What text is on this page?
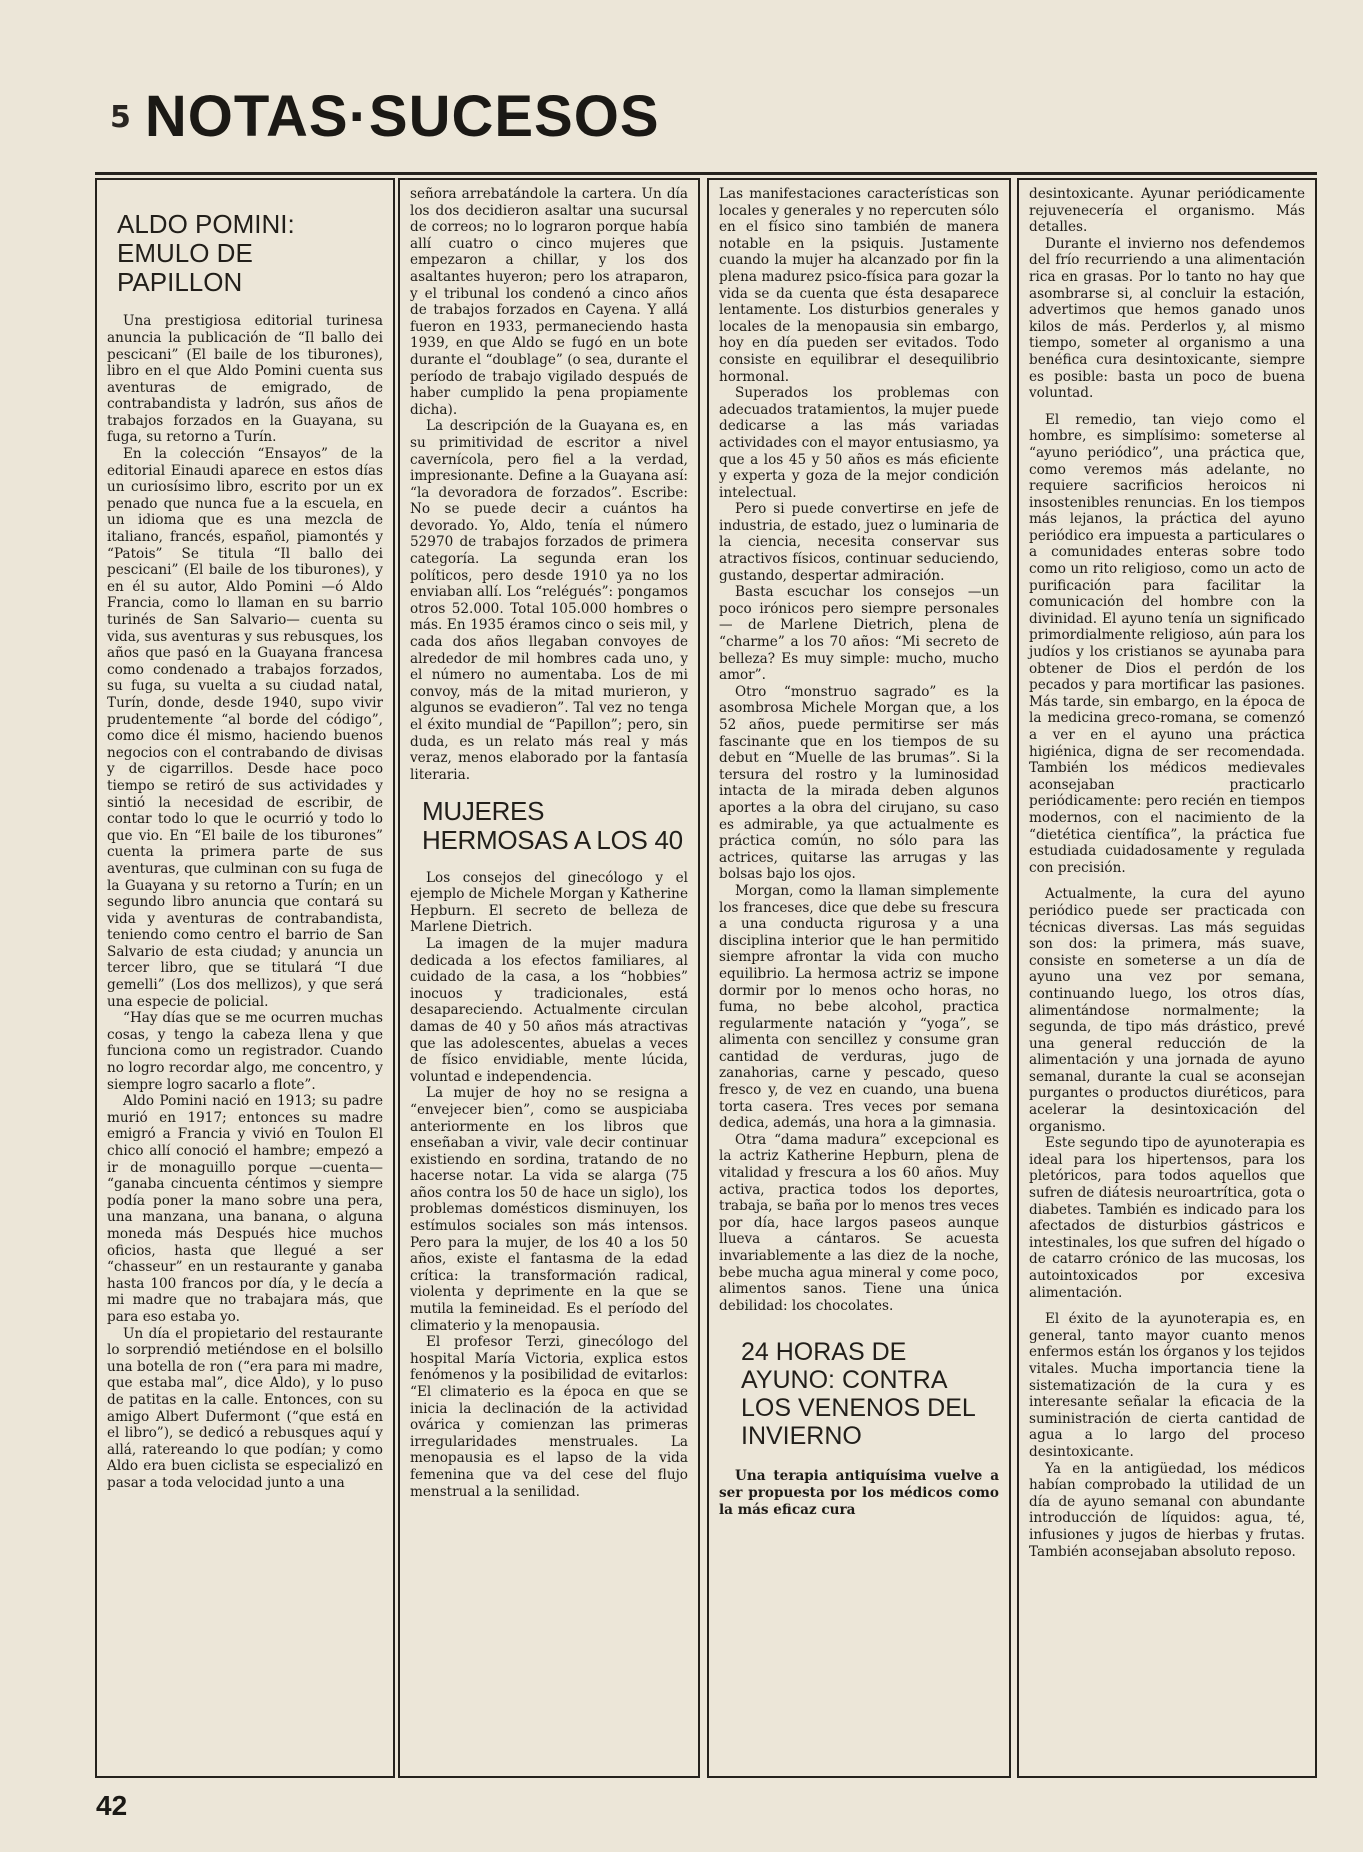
5 NOTAS·SUCESOS
ALDO POMINI: EMULO DE PAPILLON

Una prestigiosa editorial turinesa anuncia la publicación de “Il ballo dei pescicani” (El baile de los tiburones), libro en el que Aldo Pomini cuenta sus aventuras de emigrado, de contrabandista y ladrón, sus años de trabajos forzados en la Guayana, su fuga, su retorno a Turín.

En la colección “Ensayos” de la editorial Einaudi aparece en estos días un curiosísimo libro, escrito por un ex penado que nunca fue a la escuela, en un idioma que es una mezcla de italiano, francés, español, piamontés y “Patois” Se titula “Il ballo dei pescicani” (El baile de los tiburones), y en él su autor, Aldo Pomini —ó Aldo Francia, como lo llaman en su barrio turinés de San Salvario— cuenta su vida, sus aventuras y sus rebusques, los años que pasó en la Guayana francesa como condenado a trabajos forzados, su fuga, su vuelta a su ciudad natal, Turín, donde, desde 1940, supo vivir prudentemente “al borde del código”, como dice él mismo, haciendo buenos negocios con el contrabando de divisas y de cigarrillos. Desde hace poco tiempo se retiró de sus actividades y sintió la necesidad de escribir, de contar todo lo que le ocurrió y todo lo que vio. En “El baile de los tiburones” cuenta la primera parte de sus aventuras, que culminan con su fuga de la Guayana y su retorno a Turín; en un segundo libro anuncia que contará su vida y aventuras de contrabandista, teniendo como centro el barrio de San Salvario de esta ciudad; y anuncia un tercer libro, que se titulará “I due gemelli” (Los dos mellizos), y que será una especie de policial.

“Hay días que se me ocurren muchas cosas, y tengo la cabeza llena y que funciona como un registrador. Cuando no logro recordar algo, me concentro, y siempre logro sacarlo a flote”.

Aldo Pomini nació en 1913; su padre murió en 1917; entonces su madre emigró a Francia y vivió en Toulon El chico allí conoció el hambre; empezó a ir de monaguillo porque —cuenta— “ganaba cincuenta céntimos y siempre podía poner la mano sobre una pera, una manzana, una banana, o alguna moneda más Después hice muchos oficios, hasta que llegué a ser “chasseur” en un restaurante y ganaba hasta 100 francos por día, y le decía a mi madre que no trabajara más, que para eso estaba yo.

Un día el propietario del restaurante lo sorprendió metiéndose en el bolsillo una botella de ron (“era para mi madre, que estaba mal”, dice Aldo), y lo puso de patitas en la calle. Entonces, con su amigo Albert Dufermont (“que está en el libro”), se dedicó a rebusques aquí y allá, ratereando lo que podían; y como Aldo era buen ciclista se especializó en pasar a toda velocidad junto a una

señora arrebatándole la cartera. Un día los dos decidieron asaltar una sucursal de correos; no lo lograron porque había allí cuatro o cinco mujeres que empezaron a chillar, y los dos asaltantes huyeron; pero los atraparon, y el tribunal los condenó a cinco años de trabajos forzados en Cayena. Y allá fueron en 1933, permaneciendo hasta 1939, en que Aldo se fugó en un bote durante el “doublage” (o sea, durante el período de trabajo vigilado después de haber cumplido la pena propiamente dicha).

La descripción de la Guayana es, en su primitividad de escritor a nivel cavernícola, pero fiel a la verdad, impresionante. Define a la Guayana así: “la devoradora de forzados”. Escribe: No se puede decir a cuántos ha devorado. Yo, Aldo, tenía el número 52970 de trabajos forzados de primera categoría. La segunda eran los políticos, pero desde 1910 ya no los enviaban allí. Los “relégués”: pongamos otros 52.000. Total 105.000 hombres o más. En 1935 éramos cinco o seis mil, y cada dos años llegaban convoyes de alrededor de mil hombres cada uno, y el número no aumentaba. Los de mi convoy, más de la mitad murieron, y algunos se evadieron”. Tal vez no tenga el éxito mundial de “Papillon”; pero, sin duda, es un relato más real y más veraz, menos elaborado por la fantasía literaria.

MUJERES HERMOSAS A LOS 40

Los consejos del ginecólogo y el ejemplo de Michele Morgan y Katherine Hepburn. El secreto de belleza de Marlene Dietrich.

La imagen de la mujer madura dedicada a los efectos familiares, al cuidado de la casa, a los “hobbies” inocuos y tradicionales, está desapareciendo. Actualmente circulan damas de 40 y 50 años más atractivas que las adolescentes, abuelas a veces de físico envidiable, mente lúcida, voluntad e independencia.

La mujer de hoy no se resigna a “envejecer bien”, como se auspiciaba anteriormente en los libros que enseñaban a vivir, vale decir continuar existiendo en sordina, tratando de no hacerse notar. La vida se alarga (75 años contra los 50 de hace un siglo), los problemas domésticos disminuyen, los estímulos sociales son más intensos. Pero para la mujer, de los 40 a los 50 años, existe el fantasma de la edad crítica: la transformación radical, violenta y deprimente en la que se mutila la femineidad. Es el período del climaterio y la menopausia.

El profesor Terzi, ginecólogo del hospital María Victoria, explica estos fenómenos y la posibilidad de evitarlos: “El climaterio es la época en que se inicia la declinación de la actividad ovárica y comienzan las primeras irregularidades menstruales. La menopausia es el lapso de la vida femenina que va del cese del flujo menstrual a la senilidad.

Las manifestaciones características son locales y generales y no repercuten sólo en el físico sino también de manera notable en la psiquis. Justamente cuando la mujer ha alcanzado por fin la plena madurez psico-física para gozar la vida se da cuenta que ésta desaparece lentamente. Los disturbios generales y locales de la menopausia sin embargo, hoy en día pueden ser evitados. Todo consiste en equilibrar el desequilibrio hormonal.

Superados los problemas con adecuados tratamientos, la mujer puede dedicarse a las más variadas actividades con el mayor entusiasmo, ya que a los 45 y 50 años es más eficiente y experta y goza de la mejor condición intelectual.

Pero si puede convertirse en jefe de industria, de estado, juez o luminaria de la ciencia, necesita conservar sus atractivos físicos, continuar seduciendo, gustando, despertar admiración.

Basta escuchar los consejos —un poco irónicos pero siempre personales— de Marlene Dietrich, plena de “charme” a los 70 años: “Mi secreto de belleza? Es muy simple: mucho, mucho amor”.

Otro “monstruo sagrado” es la asombrosa Michele Morgan que, a los 52 años, puede permitirse ser más fascinante que en los tiempos de su debut en “Muelle de las brumas”. Si la tersura del rostro y la luminosidad intacta de la mirada deben algunos aportes a la obra del cirujano, su caso es admirable, ya que actualmente es práctica común, no sólo para las actrices, quitarse las arrugas y las bolsas bajo los ojos.

Morgan, como la llaman simplemente los franceses, dice que debe su frescura a una conducta rigurosa y a una disciplina interior que le han permitido siempre afrontar la vida con mucho equilibrio. La hermosa actriz se impone dormir por lo menos ocho horas, no fuma, no bebe alcohol, practica regularmente natación y “yoga”, se alimenta con sencillez y consume gran cantidad de verduras, jugo de zanahorias, carne y pescado, queso fresco y, de vez en cuando, una buena torta casera. Tres veces por semana dedica, además, una hora a la gimnasia.

Otra “dama madura” excepcional es la actriz Katherine Hepburn, plena de vitalidad y frescura a los 60 años. Muy activa, practica todos los deportes, trabaja, se baña por lo menos tres veces por día, hace largos paseos aunque llueva a cántaros. Se acuesta invariablemente a las diez de la noche, bebe mucha agua mineral y come poco, alimentos sanos. Tiene una única debilidad: los chocolates.

24 HORAS DE AYUNO: CONTRA LOS VENENOS DEL INVIERNO

Una terapia antiquísima vuelve a ser propuesta por los médicos como la más eficaz cura

desintoxicante. Ayunar periódicamente rejuvenecería el organismo. Más detalles.

Durante el invierno nos defendemos del frío recurriendo a una alimentación rica en grasas. Por lo tanto no hay que asombrarse si, al concluir la estación, advertimos que hemos ganado unos kilos de más. Perderlos y, al mismo tiempo, someter al organismo a una benéfica cura desintoxicante, siempre es posible: basta un poco de buena voluntad.

El remedio, tan viejo como el hombre, es simplísimo: someterse al “ayuno periódico”, una práctica que, como veremos más adelante, no requiere sacrificios heroicos ni insostenibles renuncias. En los tiempos más lejanos, la práctica del ayuno periódico era impuesta a particulares o a comunidades enteras sobre todo como un rito religioso, como un acto de purificación para facilitar la comunicación del hombre con la divinidad. El ayuno tenía un significado primordialmente religioso, aún para los judíos y los cristianos se ayunaba para obtener de Dios el perdón de los pecados y para mortificar las pasiones. Más tarde, sin embargo, en la época de la medicina greco-romana, se comenzó a ver en el ayuno una práctica higiénica, digna de ser recomendada. También los médicos medievales aconsejaban practicarlo periódicamente: pero recién en tiempos modernos, con el nacimiento de la “dietética científica”, la práctica fue estudiada cuidadosamente y regulada con precisión.

Actualmente, la cura del ayuno periódico puede ser practicada con técnicas diversas. Las más seguidas son dos: la primera, más suave, consiste en someterse a un día de ayuno una vez por semana, continuando luego, los otros días, alimentándose normalmente; la segunda, de tipo más drástico, prevé una general reducción de la alimentación y una jornada de ayuno semanal, durante la cual se aconsejan purgantes o productos diuréticos, para acelerar la desintoxicación del organismo.

Este segundo tipo de ayunoterapia es ideal para los hipertensos, para los pletóricos, para todos aquellos que sufren de diátesis neuroartrítica, gota o diabetes. También es indicado para los afectados de disturbios gástricos e intestinales, los que sufren del hígado o de catarro crónico de las mucosas, los autointoxicados por excesiva alimentación.

El éxito de la ayunoterapia es, en general, tanto mayor cuanto menos enfermos están los órganos y los tejidos vitales. Mucha importancia tiene la sistematización de la cura y es interesante señalar la eficacia de la suministración de cierta cantidad de agua a lo largo del proceso desintoxicante.

Ya en la antigüedad, los médicos habían comprobado la utilidad de un día de ayuno semanal con abundante introducción de líquidos: agua, té, infusiones y jugos de hierbas y frutas. También aconsejaban absoluto reposo.

42
